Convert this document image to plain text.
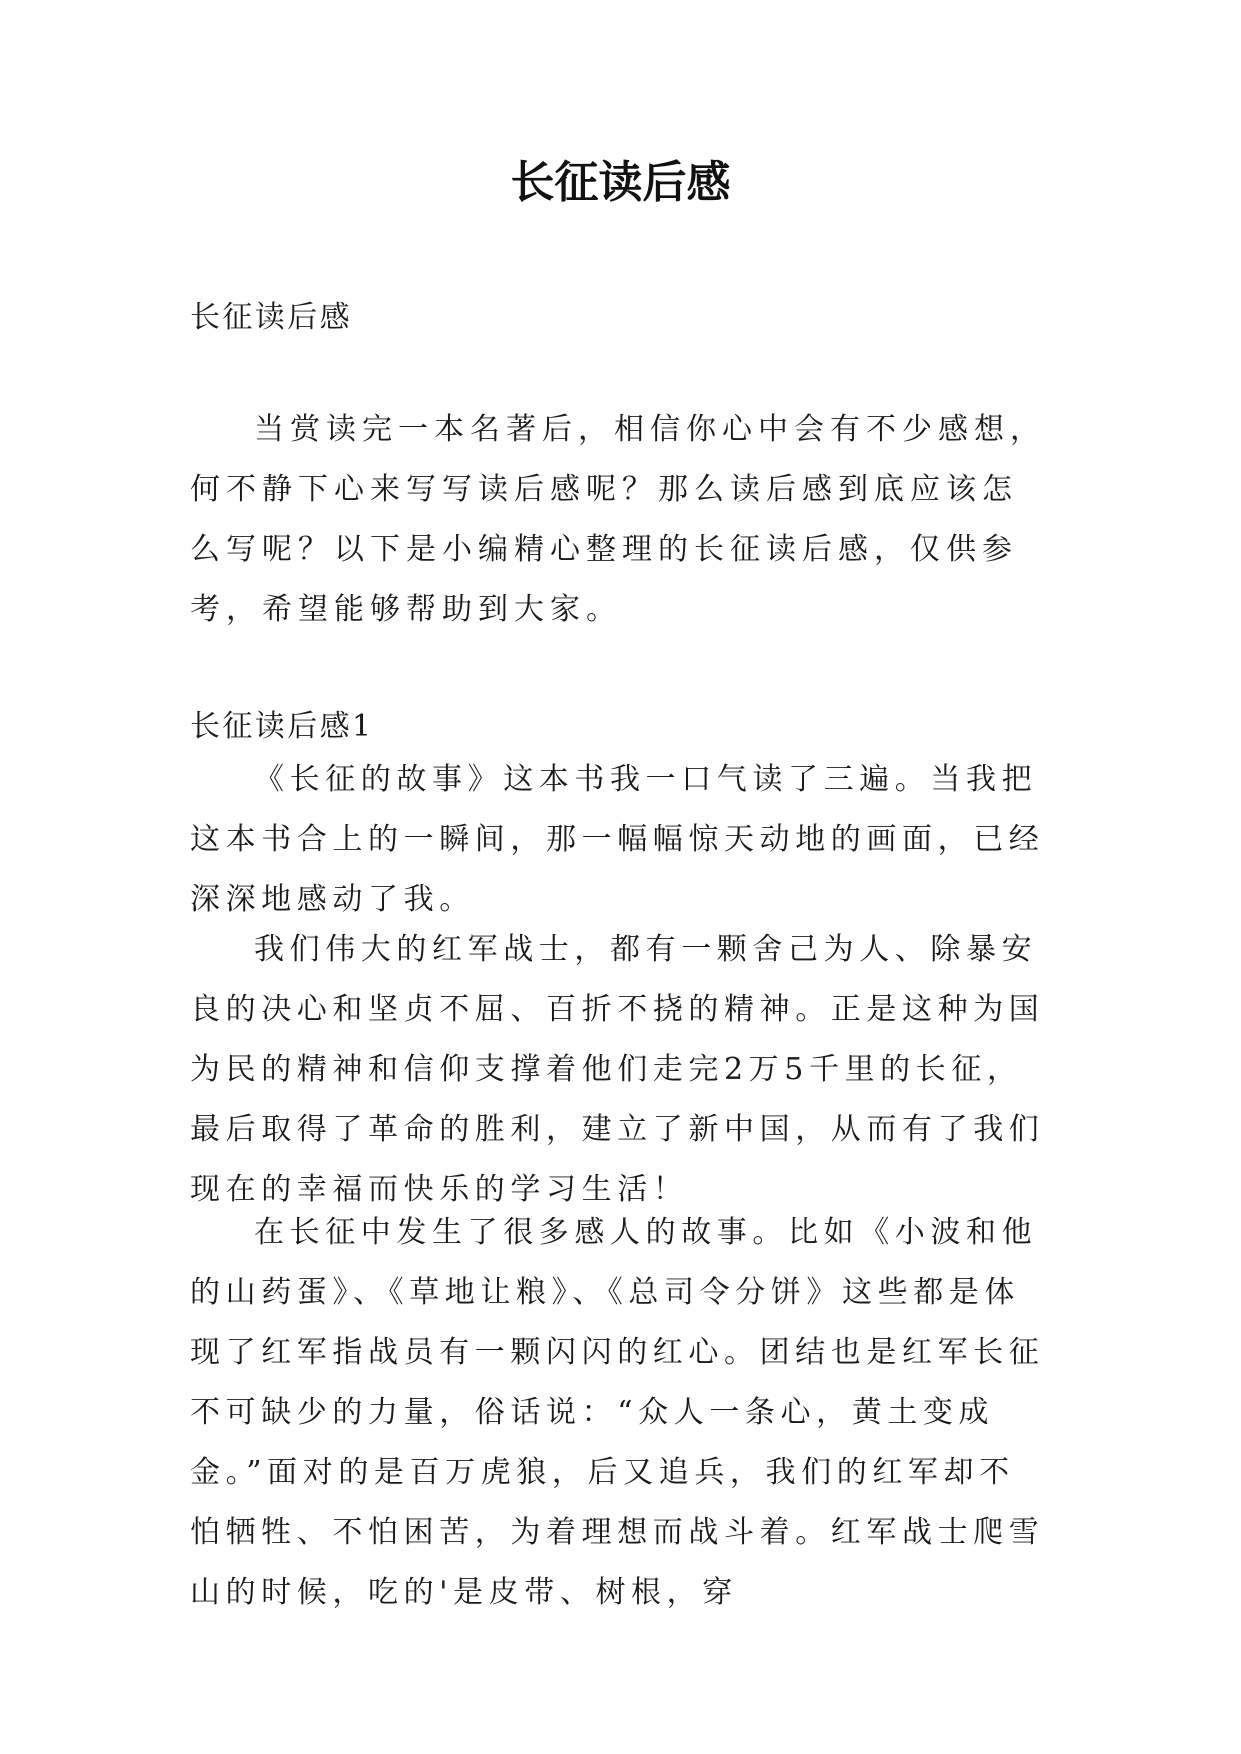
长征读后感

长征读后感

当赏读完一本名著后，相信你心中会有不少感想，何不静下心来写写读后感呢？那么读后感到底应该怎么写呢？以下是小编精心整理的长征读后感，仅供参考，希望能够帮助到大家。

长征读后感1

《长征的故事》这本书我一口气读了三遍。当我把这本书合上的一瞬间，那一幅幅惊天动地的画面，已经深深地感动了我。

我们伟大的红军战士，都有一颗舍己为人、除暴安良的决心和坚贞不屈、百折不挠的精神。正是这种为国为民的精神和信仰支撑着他们走完2万5千里的长征，最后取得了革命的胜利，建立了新中国，从而有了我们现在的幸福而快乐的学习生活！

在长征中发生了很多感人的故事。比如《小波和他的山药蛋》、《草地让粮》、《总司令分饼》这些都是体现了红军指战员有一颗闪闪的红心。团结也是红军长征不可缺少的力量，俗话说：“众人一条心，黄土变成金。”面对的是百万虎狼，后又追兵，我们的红军却不怕牺牲、不怕困苦，为着理想而战斗着。红军战士爬雪山的时候，吃的'是皮带、树根，穿
